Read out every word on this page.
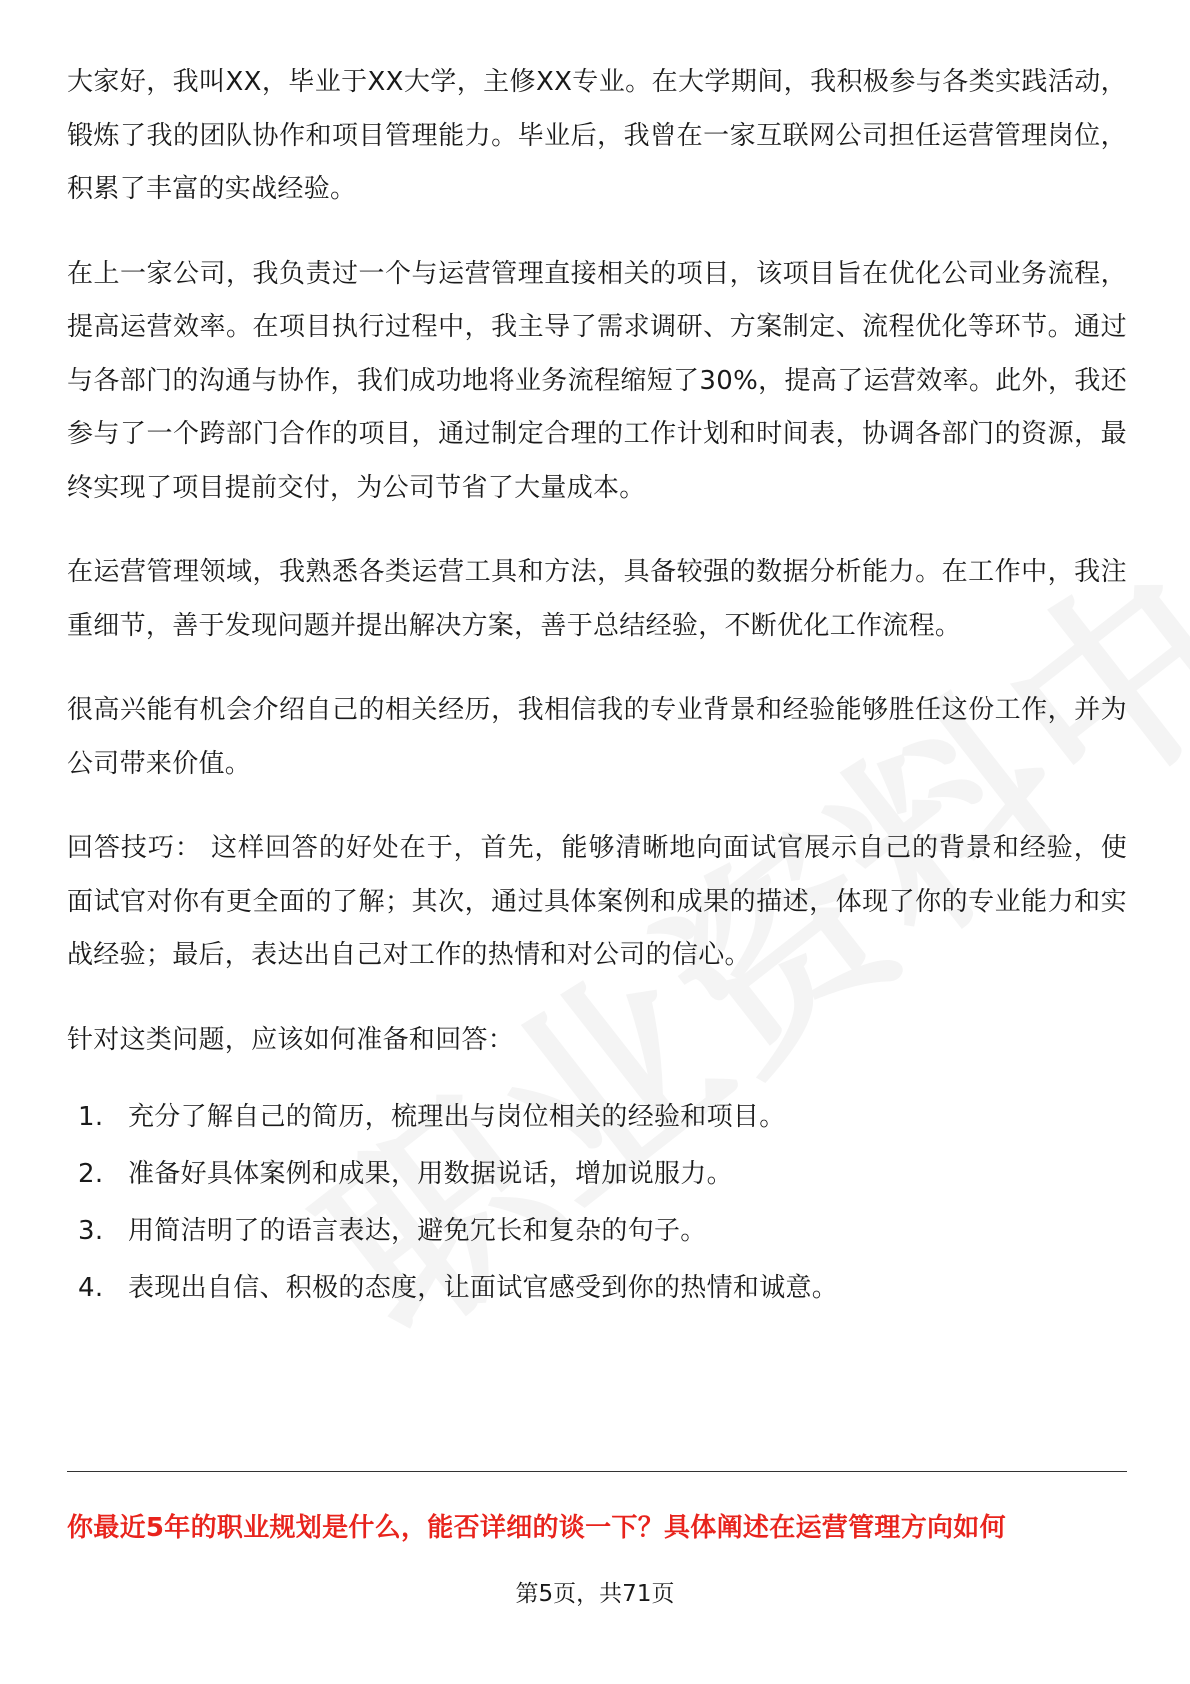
大家好，我叫XX，毕业于XX大学，主修XX专业。在大学期间，我积极参与各类实践活动，锻炼了我的团队协作和项目管理能力。毕业后，我曾在一家互联网公司担任运营管理岗位，积累了丰富的实战经验。

在上一家公司，我负责过一个与运营管理直接相关的项目，该项目旨在优化公司业务流程，提高运营效率。在项目执行过程中，我主导了需求调研、方案制定、流程优化等环节。通过与各部门的沟通与协作，我们成功地将业务流程缩短了30%，提高了运营效率。此外，我还参与了一个跨部门合作的项目，通过制定合理的工作计划和时间表，协调各部门的资源，最终实现了项目提前交付，为公司节省了大量成本。

在运营管理领域，我熟悉各类运营工具和方法，具备较强的数据分析能力。在工作中，我注重细节，善于发现问题并提出解决方案，善于总结经验，不断优化工作流程。

很高兴能有机会介绍自己的相关经历，我相信我的专业背景和经验能够胜任这份工作，并为公司带来价值。

回答技巧： 这样回答的好处在于，首先，能够清晰地向面试官展示自己的背景和经验，使面试官对你有更全面的了解；其次，通过具体案例和成果的描述，体现了你的专业能力和实战经验；最后，表达出自己对工作的热情和对公司的信心。

针对这类问题，应该如何准备和回答：

1. 充分了解自己的简历，梳理出与岗位相关的经验和项目。
2. 准备好具体案例和成果，用数据说话，增加说服力。
3. 用简洁明了的语言表达，避免冗长和复杂的句子。
4. 表现出自信、积极的态度，让面试官感受到你的热情和诚意。
你最近5年的职业规划是什么，能否详细的谈一下？具体阐述在运营管理方向如何
第5页，共71页
